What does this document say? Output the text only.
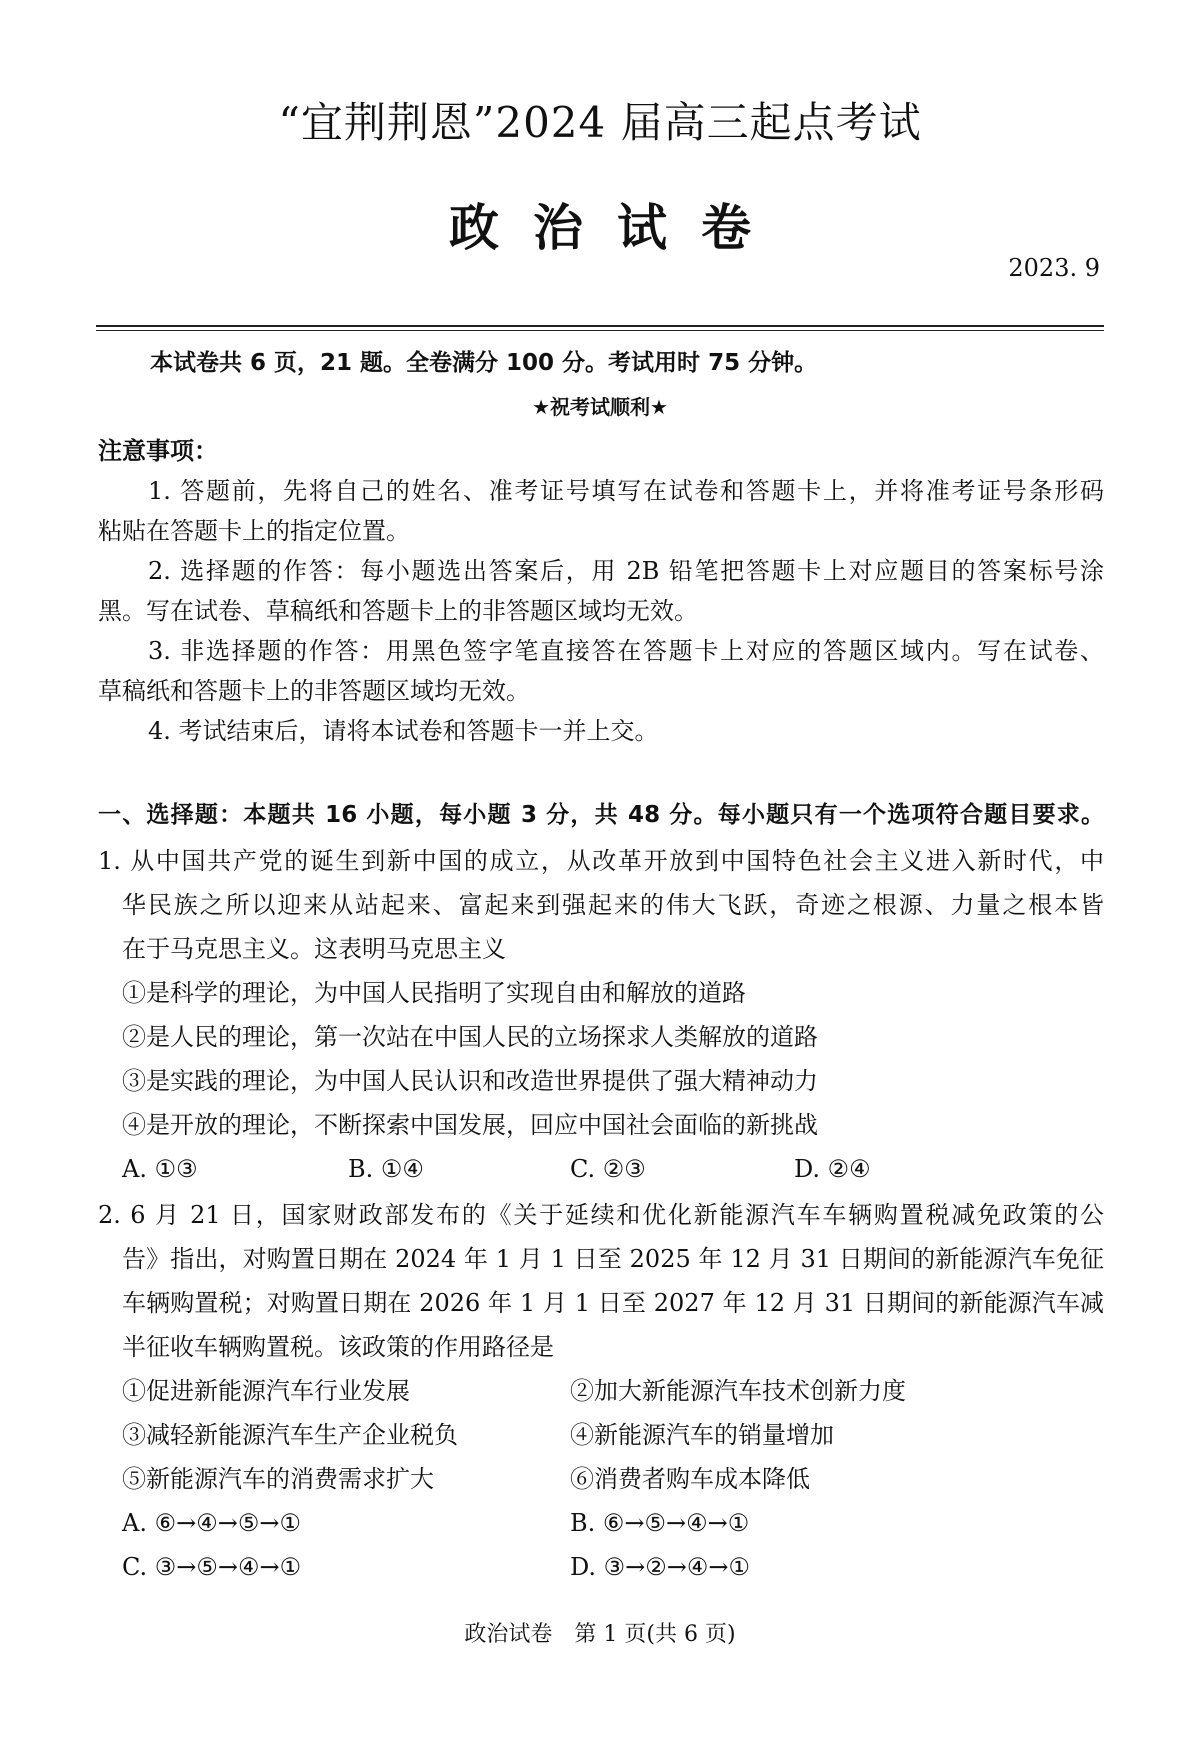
“宜荆荆恩”2024 届高三起点考试
政治试卷
2023. 9
本试卷共 6 页，21 题。全卷满分 100 分。考试用时 75 分钟。
★祝考试顺利★
注意事项：
1. 答题前，先将自己的姓名、准考证号填写在试卷和答题卡上，并将准考证号条形码
粘贴在答题卡上的指定位置。
2. 选择题的作答：每小题选出答案后，用 2B 铅笔把答题卡上对应题目的答案标号涂
黑。写在试卷、草稿纸和答题卡上的非答题区域均无效。
3. 非选择题的作答：用黑色签字笔直接答在答题卡上对应的答题区域内。写在试卷、
草稿纸和答题卡上的非答题区域均无效。
4. 考试结束后，请将本试卷和答题卡一并上交。
一、选择题：本题共 16 小题，每小题 3 分，共 48 分。每小题只有一个选项符合题目要求。
1. 从中国共产党的诞生到新中国的成立，从改革开放到中国特色社会主义进入新时代，中
华民族之所以迎来从站起来、富起来到强起来的伟大飞跃，奇迹之根源、力量之根本皆
在于马克思主义。这表明马克思主义
①是科学的理论，为中国人民指明了实现自由和解放的道路
②是人民的理论，第一次站在中国人民的立场探求人类解放的道路
③是实践的理论，为中国人民认识和改造世界提供了强大精神动力
④是开放的理论，不断探索中国发展，回应中国社会面临的新挑战
A. ①③	B. ①④	C. ②③	D. ②④
2. 6 月 21 日，国家财政部发布的《关于延续和优化新能源汽车车辆购置税减免政策的公
告》指出，对购置日期在 2024 年 1 月 1 日至 2025 年 12 月 31 日期间的新能源汽车免征
车辆购置税；对购置日期在 2026 年 1 月 1 日至 2027 年 12 月 31 日期间的新能源汽车减
半征收车辆购置税。该政策的作用路径是
①促进新能源汽车行业发展	②加大新能源汽车技术创新力度
③减轻新能源汽车生产企业税负	④新能源汽车的销量增加
⑤新能源汽车的消费需求扩大	⑥消费者购车成本降低
A. ⑥→④→⑤→①	B. ⑥→⑤→④→①
C. ③→⑤→④→①	D. ③→②→④→①
政治试卷　第 1 页(共 6 页)
